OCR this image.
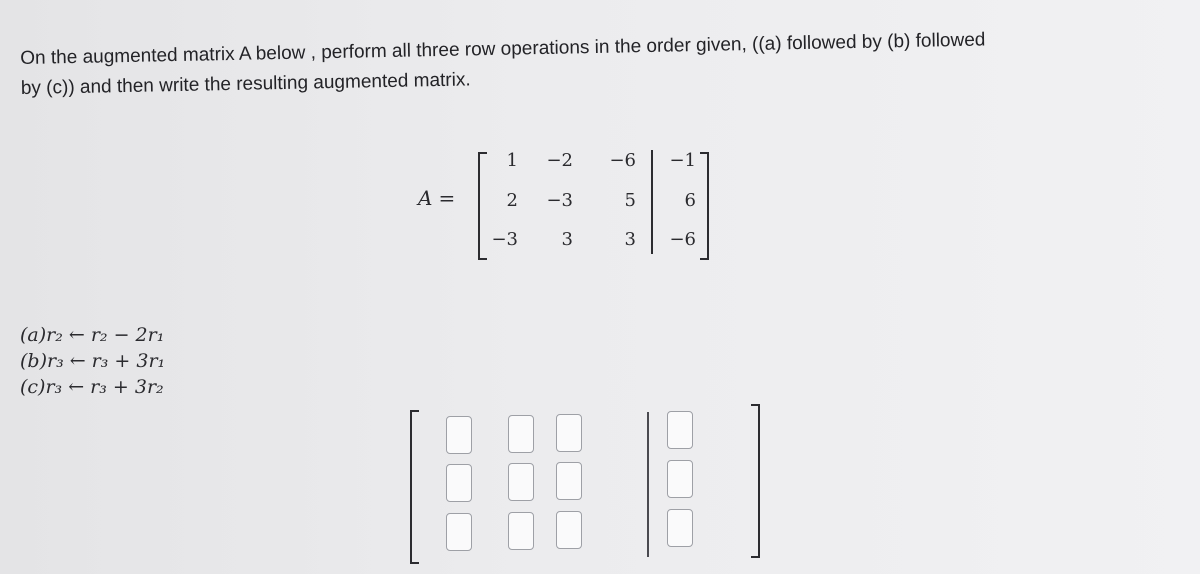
On the augmented matrix A below , perform all three row operations in the order given, ((a) followed by (b) followed

by (c)) and then write the resulting augmented matrix.

A =
1	−2	−6	−1
2	−3	5	6
−3	3	3	−6
(a)r₂ ← r₂ − 2r₁
(b)r₃ ← r₃ + 3r₁
(c)r₃ ← r₃ + 3r₂
